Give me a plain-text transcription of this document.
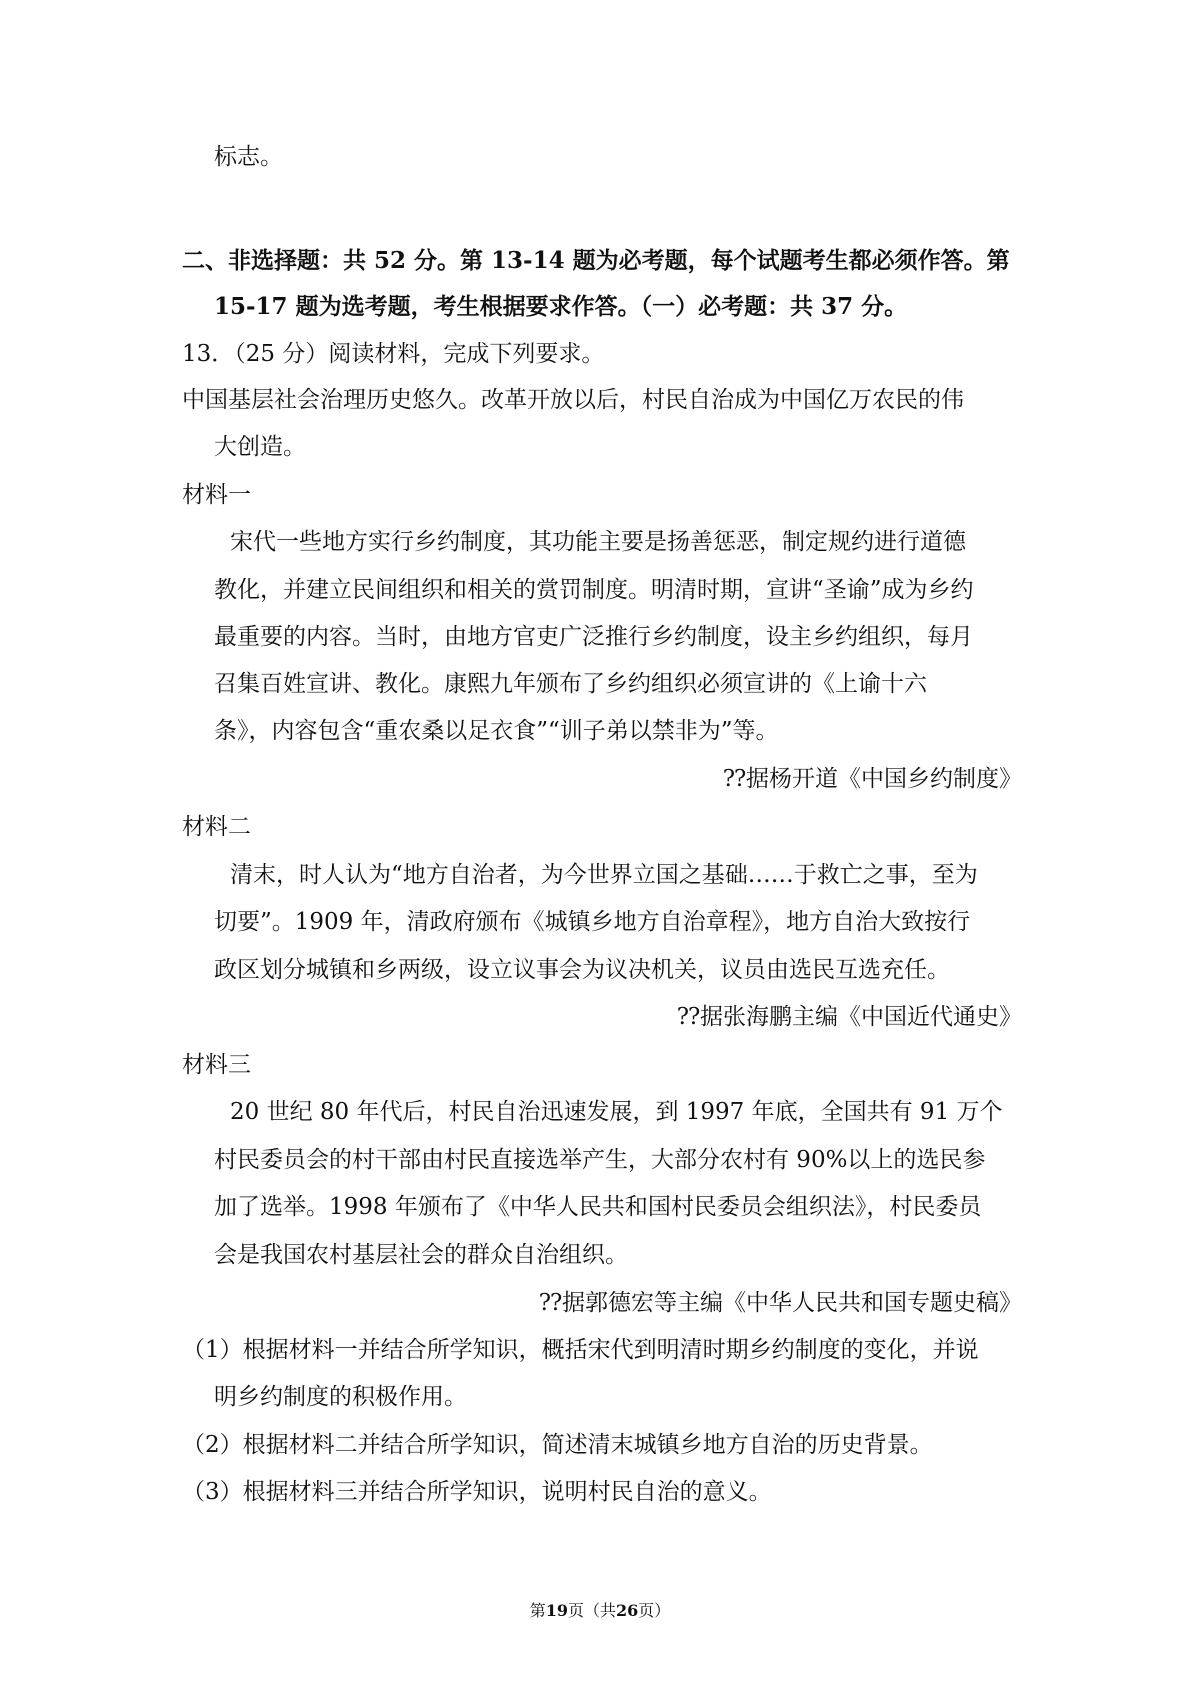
标志。
二、非选择题：共 52 分。第 13-14 题为必考题，每个试题考生都必须作答。第
15-17 题为选考题，考生根据要求作答。（一）必考题：共 37 分。
13．（25 分）阅读材料，完成下列要求。
中国基层社会治理历史悠久。改革开放以后，村民自治成为中国亿万农民的伟
大创造。
材料一
宋代一些地方实行乡约制度，其功能主要是扬善惩恶，制定规约进行道德
教化，并建立民间组织和相关的赏罚制度。明清时期，宣讲“圣谕”成为乡约
最重要的内容。当时，由地方官吏广泛推行乡约制度，设主乡约组织，每月
召集百姓宣讲、教化。康熙九年颁布了乡约组织必须宣讲的《上谕十六
条》，内容包含“重农桑以足衣食”“训子弟以禁非为”等。
⁇据杨开道《中国乡约制度》
材料二
清末，时人认为“地方自治者，为今世界立国之基础……于救亡之事，至为
切要”。1909 年，清政府颁布《城镇乡地方自治章程》，地方自治大致按行
政区划分城镇和乡两级，设立议事会为议决机关，议员由选民互选充任。
⁇据张海鹏主编《中国近代通史》
材料三
20 世纪 80 年代后，村民自治迅速发展，到 1997 年底，全国共有 91 万个
村民委员会的村干部由村民直接选举产生，大部分农村有 90%以上的选民参
加了选举。1998 年颁布了《中华人民共和国村民委员会组织法》，村民委员
会是我国农村基层社会的群众自治组织。
⁇据郭德宏等主编《中华人民共和国专题史稿》
（1）根据材料一并结合所学知识，概括宋代到明清时期乡约制度的变化，并说
明乡约制度的积极作用。
（2）根据材料二并结合所学知识，简述清末城镇乡地方自治的历史背景。
（3）根据材料三并结合所学知识，说明村民自治的意义。
第19页（共26页）
